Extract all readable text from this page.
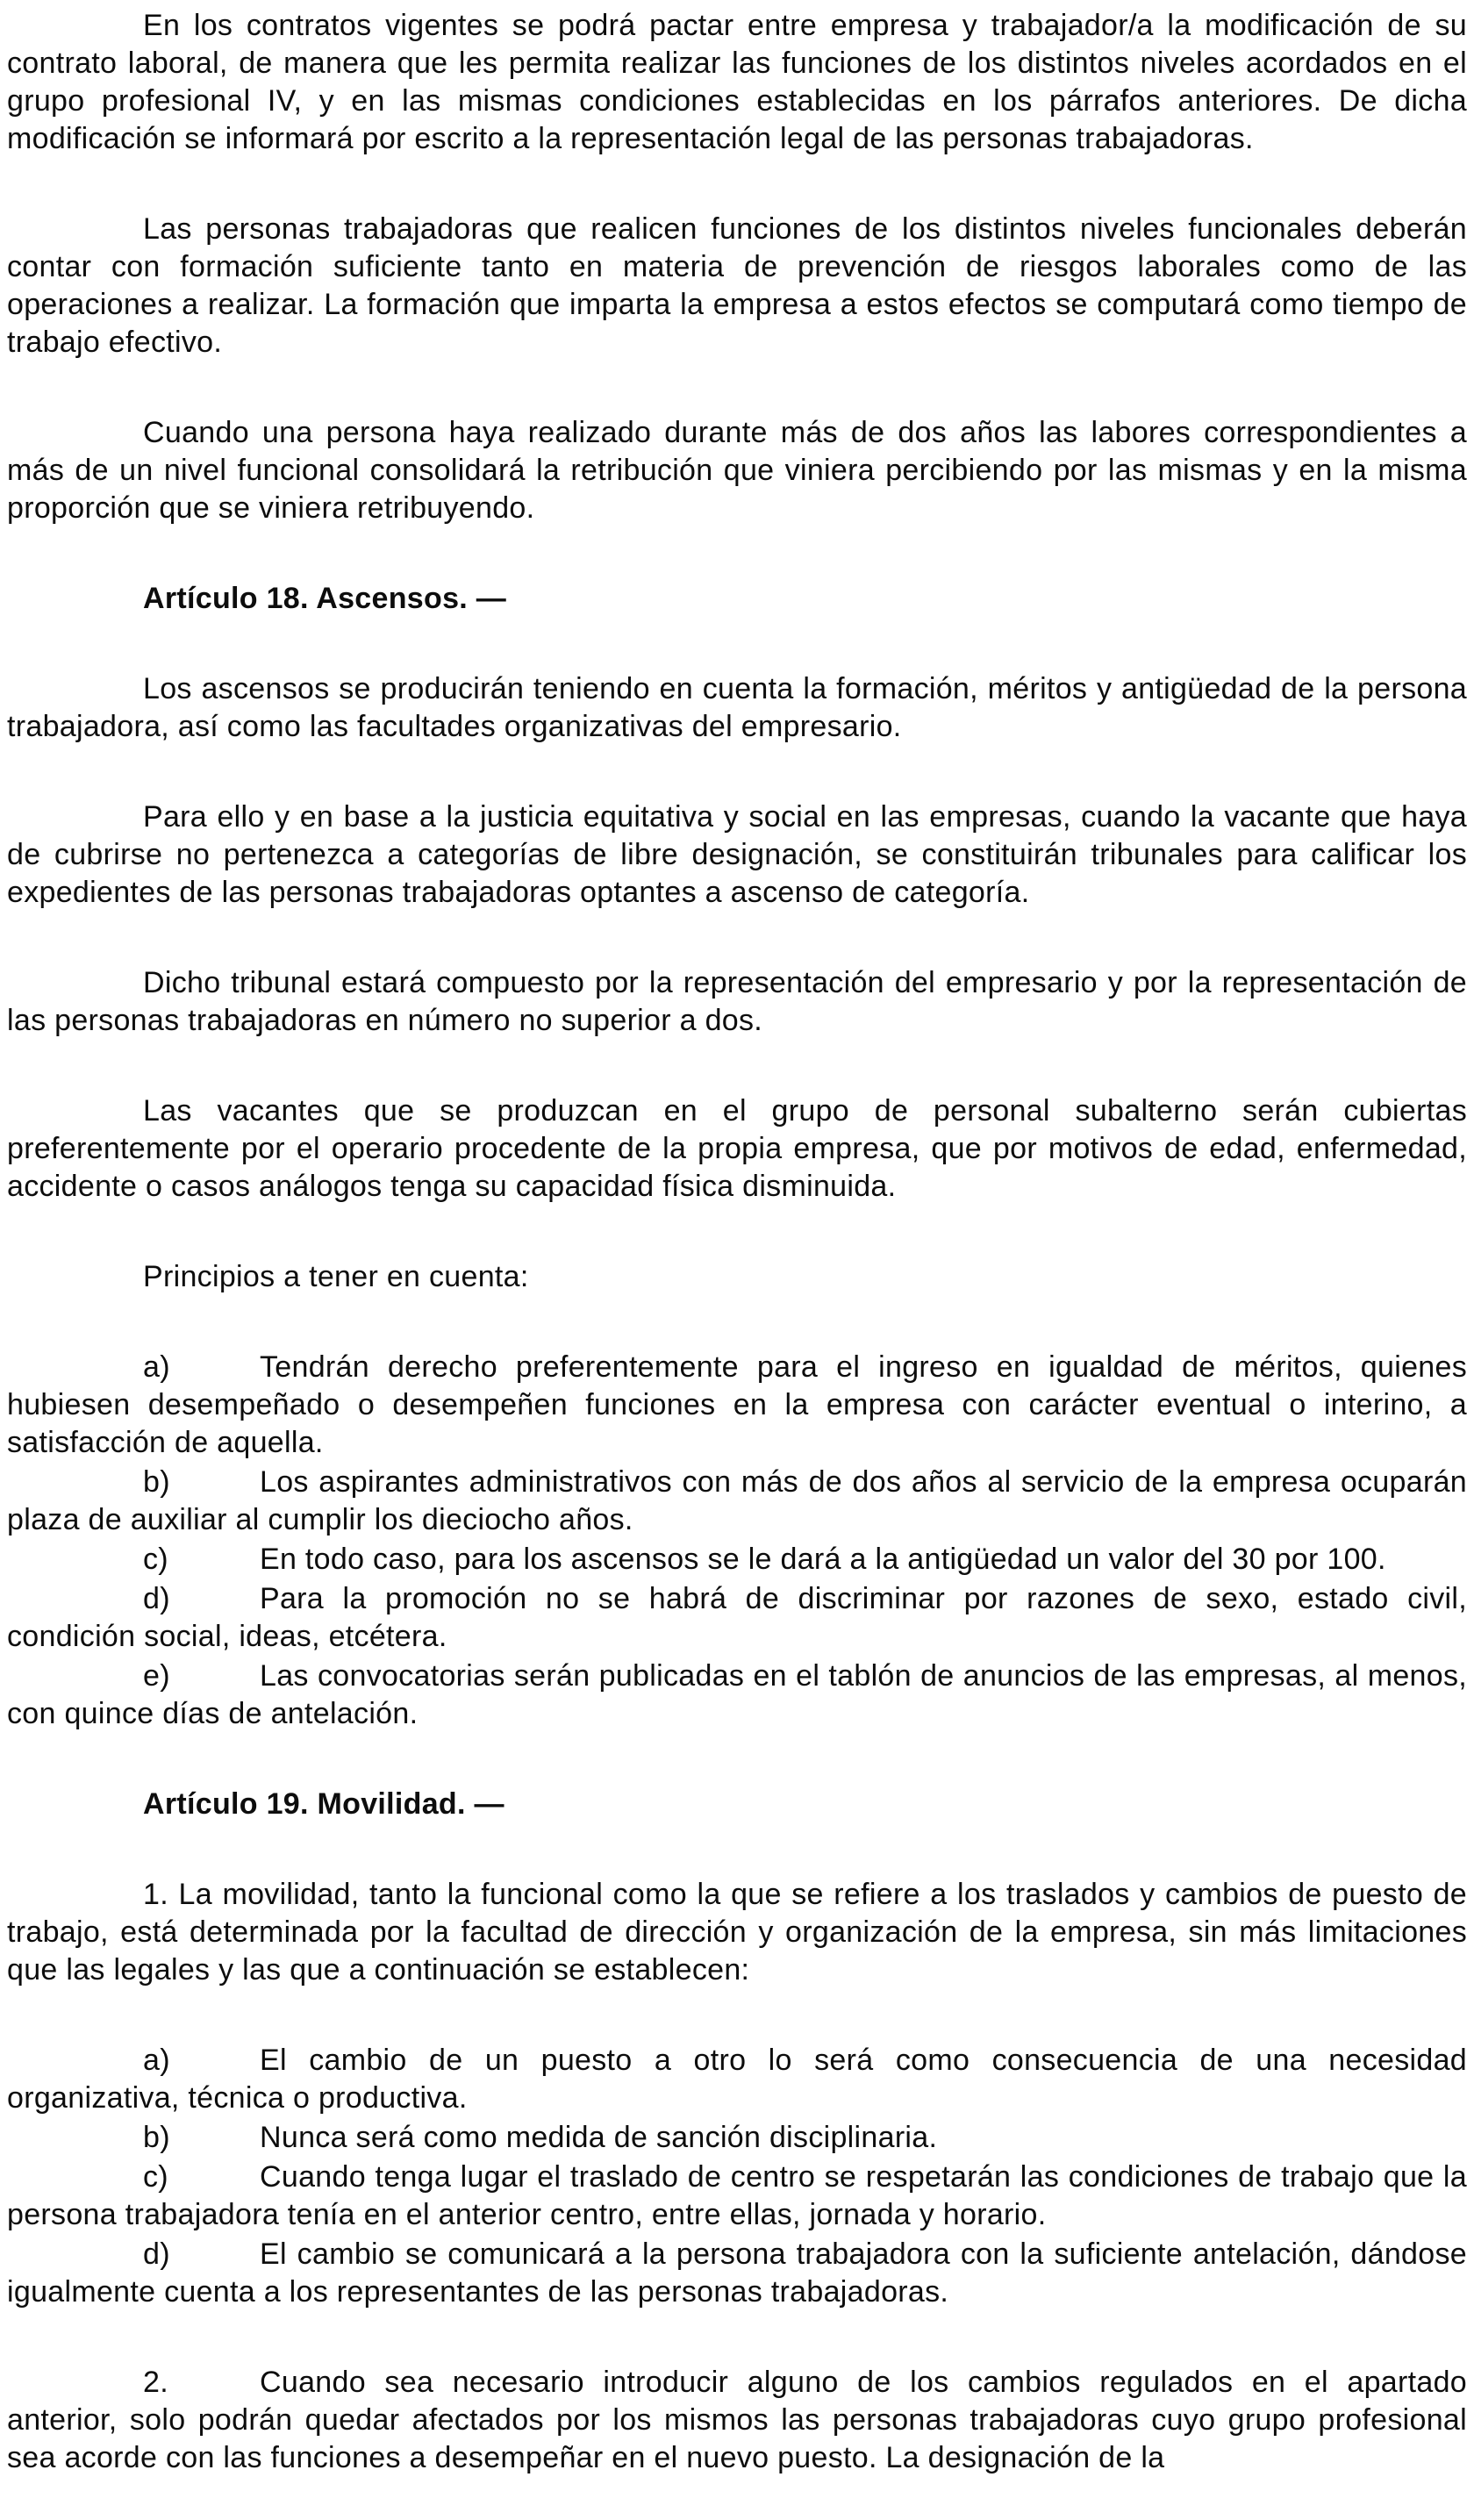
En los contratos vigentes se podrá pactar entre empresa y trabajador/a la modificación de su contrato laboral, de manera que les permita realizar las funciones de los distintos niveles acordados en el grupo profesional IV, y en las mismas condiciones establecidas en los párrafos anteriores. De dicha modificación se informará por escrito a la representación legal de las personas trabajadoras.

Las personas trabajadoras que realicen funciones de los distintos niveles funcionales deberán contar con formación suficiente tanto en materia de prevención de riesgos laborales como de las operaciones a realizar. La formación que imparta la empresa a estos efectos se computará como tiempo de trabajo efectivo.

Cuando una persona haya realizado durante más de dos años las labores correspondientes a más de un nivel funcional consolidará la retribución que viniera percibiendo por las mismas y en la misma proporción que se viniera retribuyendo.

Artículo 18. Ascensos. —

Los ascensos se producirán teniendo en cuenta la formación, méritos y antigüedad de la persona trabajadora, así como las facultades organizativas del empresario.

Para ello y en base a la justicia equitativa y social en las empresas, cuando la vacante que haya de cubrirse no pertenezca a categorías de libre designación, se constituirán tribunales para calificar los expedientes de las personas trabajadoras optantes a ascenso de categoría.

Dicho tribunal estará compuesto por la representación del empresario y por la representación de las personas trabajadoras en número no superior a dos.

Las vacantes que se produzcan en el grupo de personal subalterno serán cubiertas preferentemente por el operario procedente de la propia empresa, que por motivos de edad, enfermedad, accidente o casos análogos tenga su capacidad física disminuida.

Principios a tener en cuenta:

a)	Tendrán derecho preferentemente para el ingreso en igualdad de méritos, quienes hubiesen desempeñado o desempeñen funciones en la empresa con carácter eventual o interino, a satisfacción de aquella.

b)	Los aspirantes administrativos con más de dos años al servicio de la empresa ocuparán plaza de auxiliar al cumplir los dieciocho años.

c)	En todo caso, para los ascensos se le dará a la antigüedad un valor del 30 por 100.

d)	Para la promoción no se habrá de discriminar por razones de sexo, estado civil, condición social, ideas, etcétera.

e)	Las convocatorias serán publicadas en el tablón de anuncios de las empresas, al menos, con quince días de antelación.

Artículo 19. Movilidad. —

1. La movilidad, tanto la funcional como la que se refiere a los traslados y cambios de puesto de trabajo, está determinada por la facultad de dirección y organización de la empresa, sin más limitaciones que las legales y las que a continuación se establecen:

a)	El cambio de un puesto a otro lo será como consecuencia de una necesidad organizativa, técnica o productiva.

b)	Nunca será como medida de sanción disciplinaria.

c)	Cuando tenga lugar el traslado de centro se respetarán las condiciones de trabajo que la persona trabajadora tenía en el anterior centro, entre ellas, jornada y horario.

d)	El cambio se comunicará a la persona trabajadora con la suficiente antelación, dándose igualmente cuenta a los representantes de las personas trabajadoras.

2.	Cuando sea necesario introducir alguno de los cambios regulados en el apartado anterior, solo podrán quedar afectados por los mismos las personas trabajadoras cuyo grupo profesional sea acorde con las funciones a desempeñar en el nuevo puesto. La designación de la
